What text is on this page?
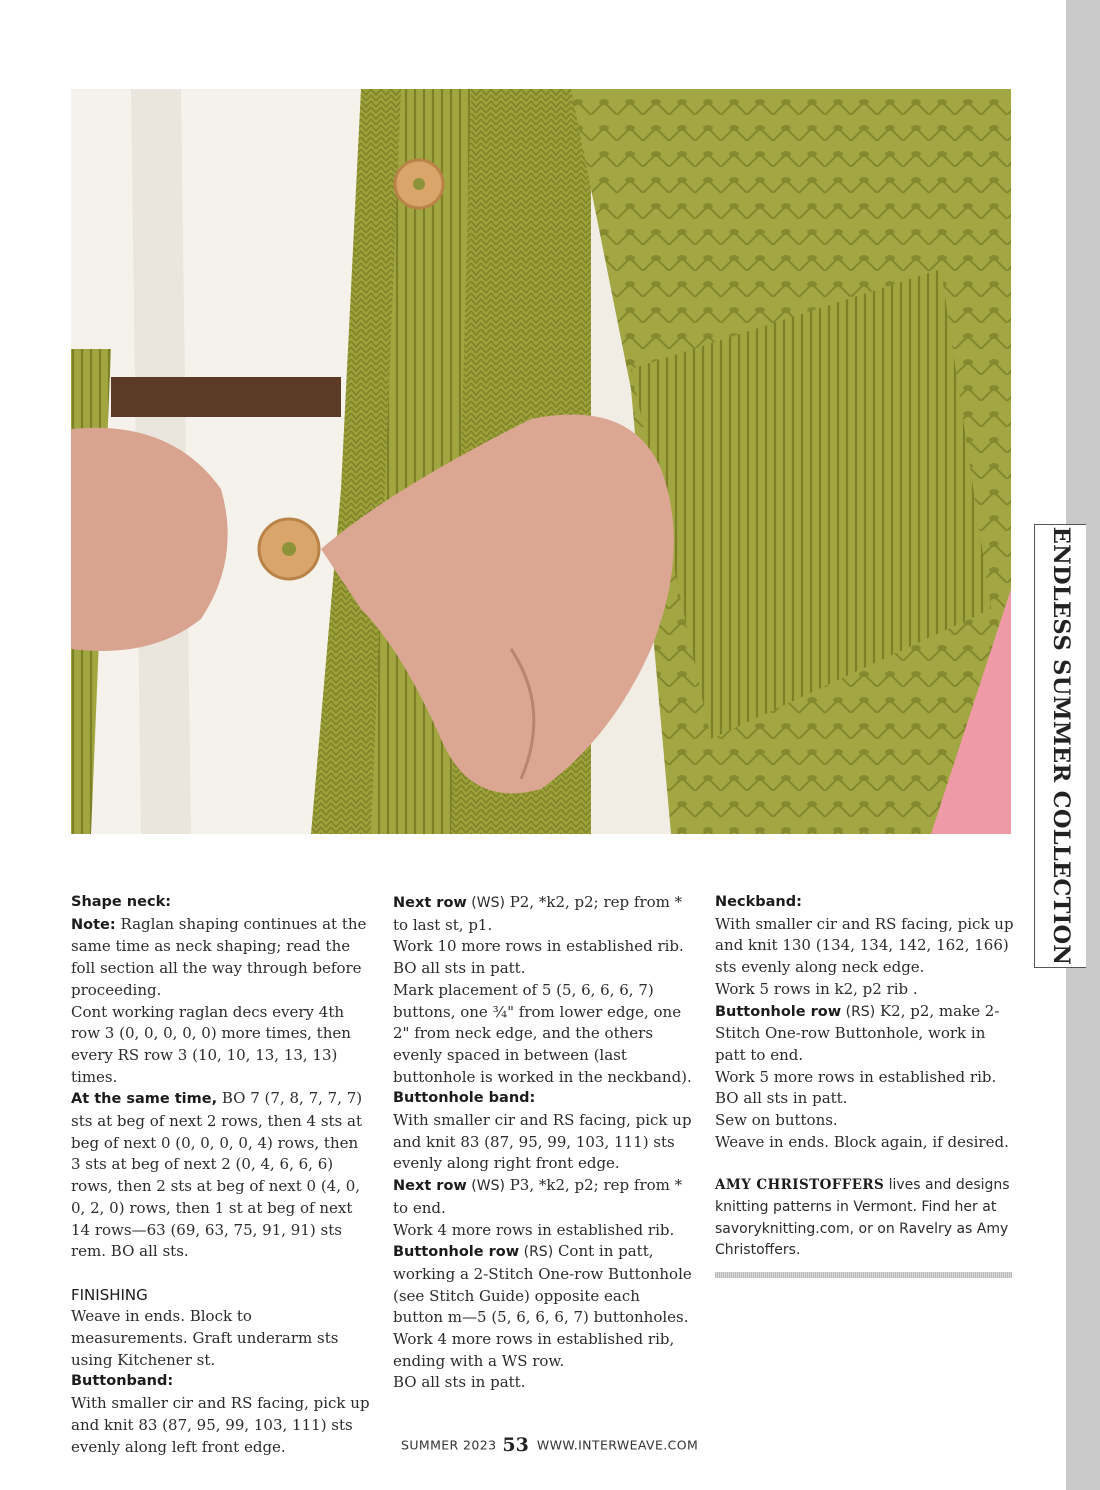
ENDLESS SUMMER COLLECTION

Shape neck:

Note: Raglan shaping continues at the same time as neck shaping; read the foll section all the way through before proceeding.

Cont working raglan decs every 4th row 3 (0, 0, 0, 0, 0) more times, then every RS row 3 (10, 10, 13, 13, 13) times.

At the same time, BO 7 (7, 8, 7, 7, 7) sts at beg of next 2 rows, then 4 sts at beg of next 0 (0, 0, 0, 0, 4) rows, then 3 sts at beg of next 2 (0, 4, 6, 6, 6) rows, then 2 sts at beg of next 0 (4, 0, 0, 2, 0) rows, then 1 st at beg of next 14 rows—63 (69, 63, 75, 91, 91) sts rem. BO all sts.

FINISHING

Weave in ends. Block to measurements. Graft underarm sts using Kitchener st.

Buttonband:

With smaller cir and RS facing, pick up and knit 83 (87, 95, 99, 103, 111) sts evenly along left front edge.

Next row (WS) P2, *k2, p2; rep from * to last st, p1.

Work 10 more rows in established rib.

BO all sts in patt.

Mark placement of 5 (5, 6, 6, 6, 7) buttons, one ¾" from lower edge, one 2" from neck edge, and the others evenly spaced in between (last buttonhole is worked in the neckband).

Buttonhole band:

With smaller cir and RS facing, pick up and knit 83 (87, 95, 99, 103, 111) sts evenly along right front edge.

Next row (WS) P3, *k2, p2; rep from * to end.

Work 4 more rows in established rib.

Buttonhole row (RS) Cont in patt, working a 2-Stitch One-row Buttonhole (see Stitch Guide) opposite each button m—5 (5, 6, 6, 6, 7) buttonholes.

Work 4 more rows in established rib, ending with a WS row.

BO all sts in patt.

Neckband:

With smaller cir and RS facing, pick up and knit 130 (134, 134, 142, 162, 166) sts evenly along neck edge.

Work 5 rows in k2, p2 rib .

Buttonhole row (RS) K2, p2, make 2-Stitch One-row Buttonhole, work in patt to end.

Work 5 more rows in established rib.

BO all sts in patt.

Sew on buttons.

Weave in ends. Block again, if desired.

AMY CHRISTOFFERS lives and designs knitting patterns in Vermont. Find her at savoryknitting.com, or on Ravelry as Amy Christoffers.

SUMMER 2023 53 WWW.INTERWEAVE.COM
